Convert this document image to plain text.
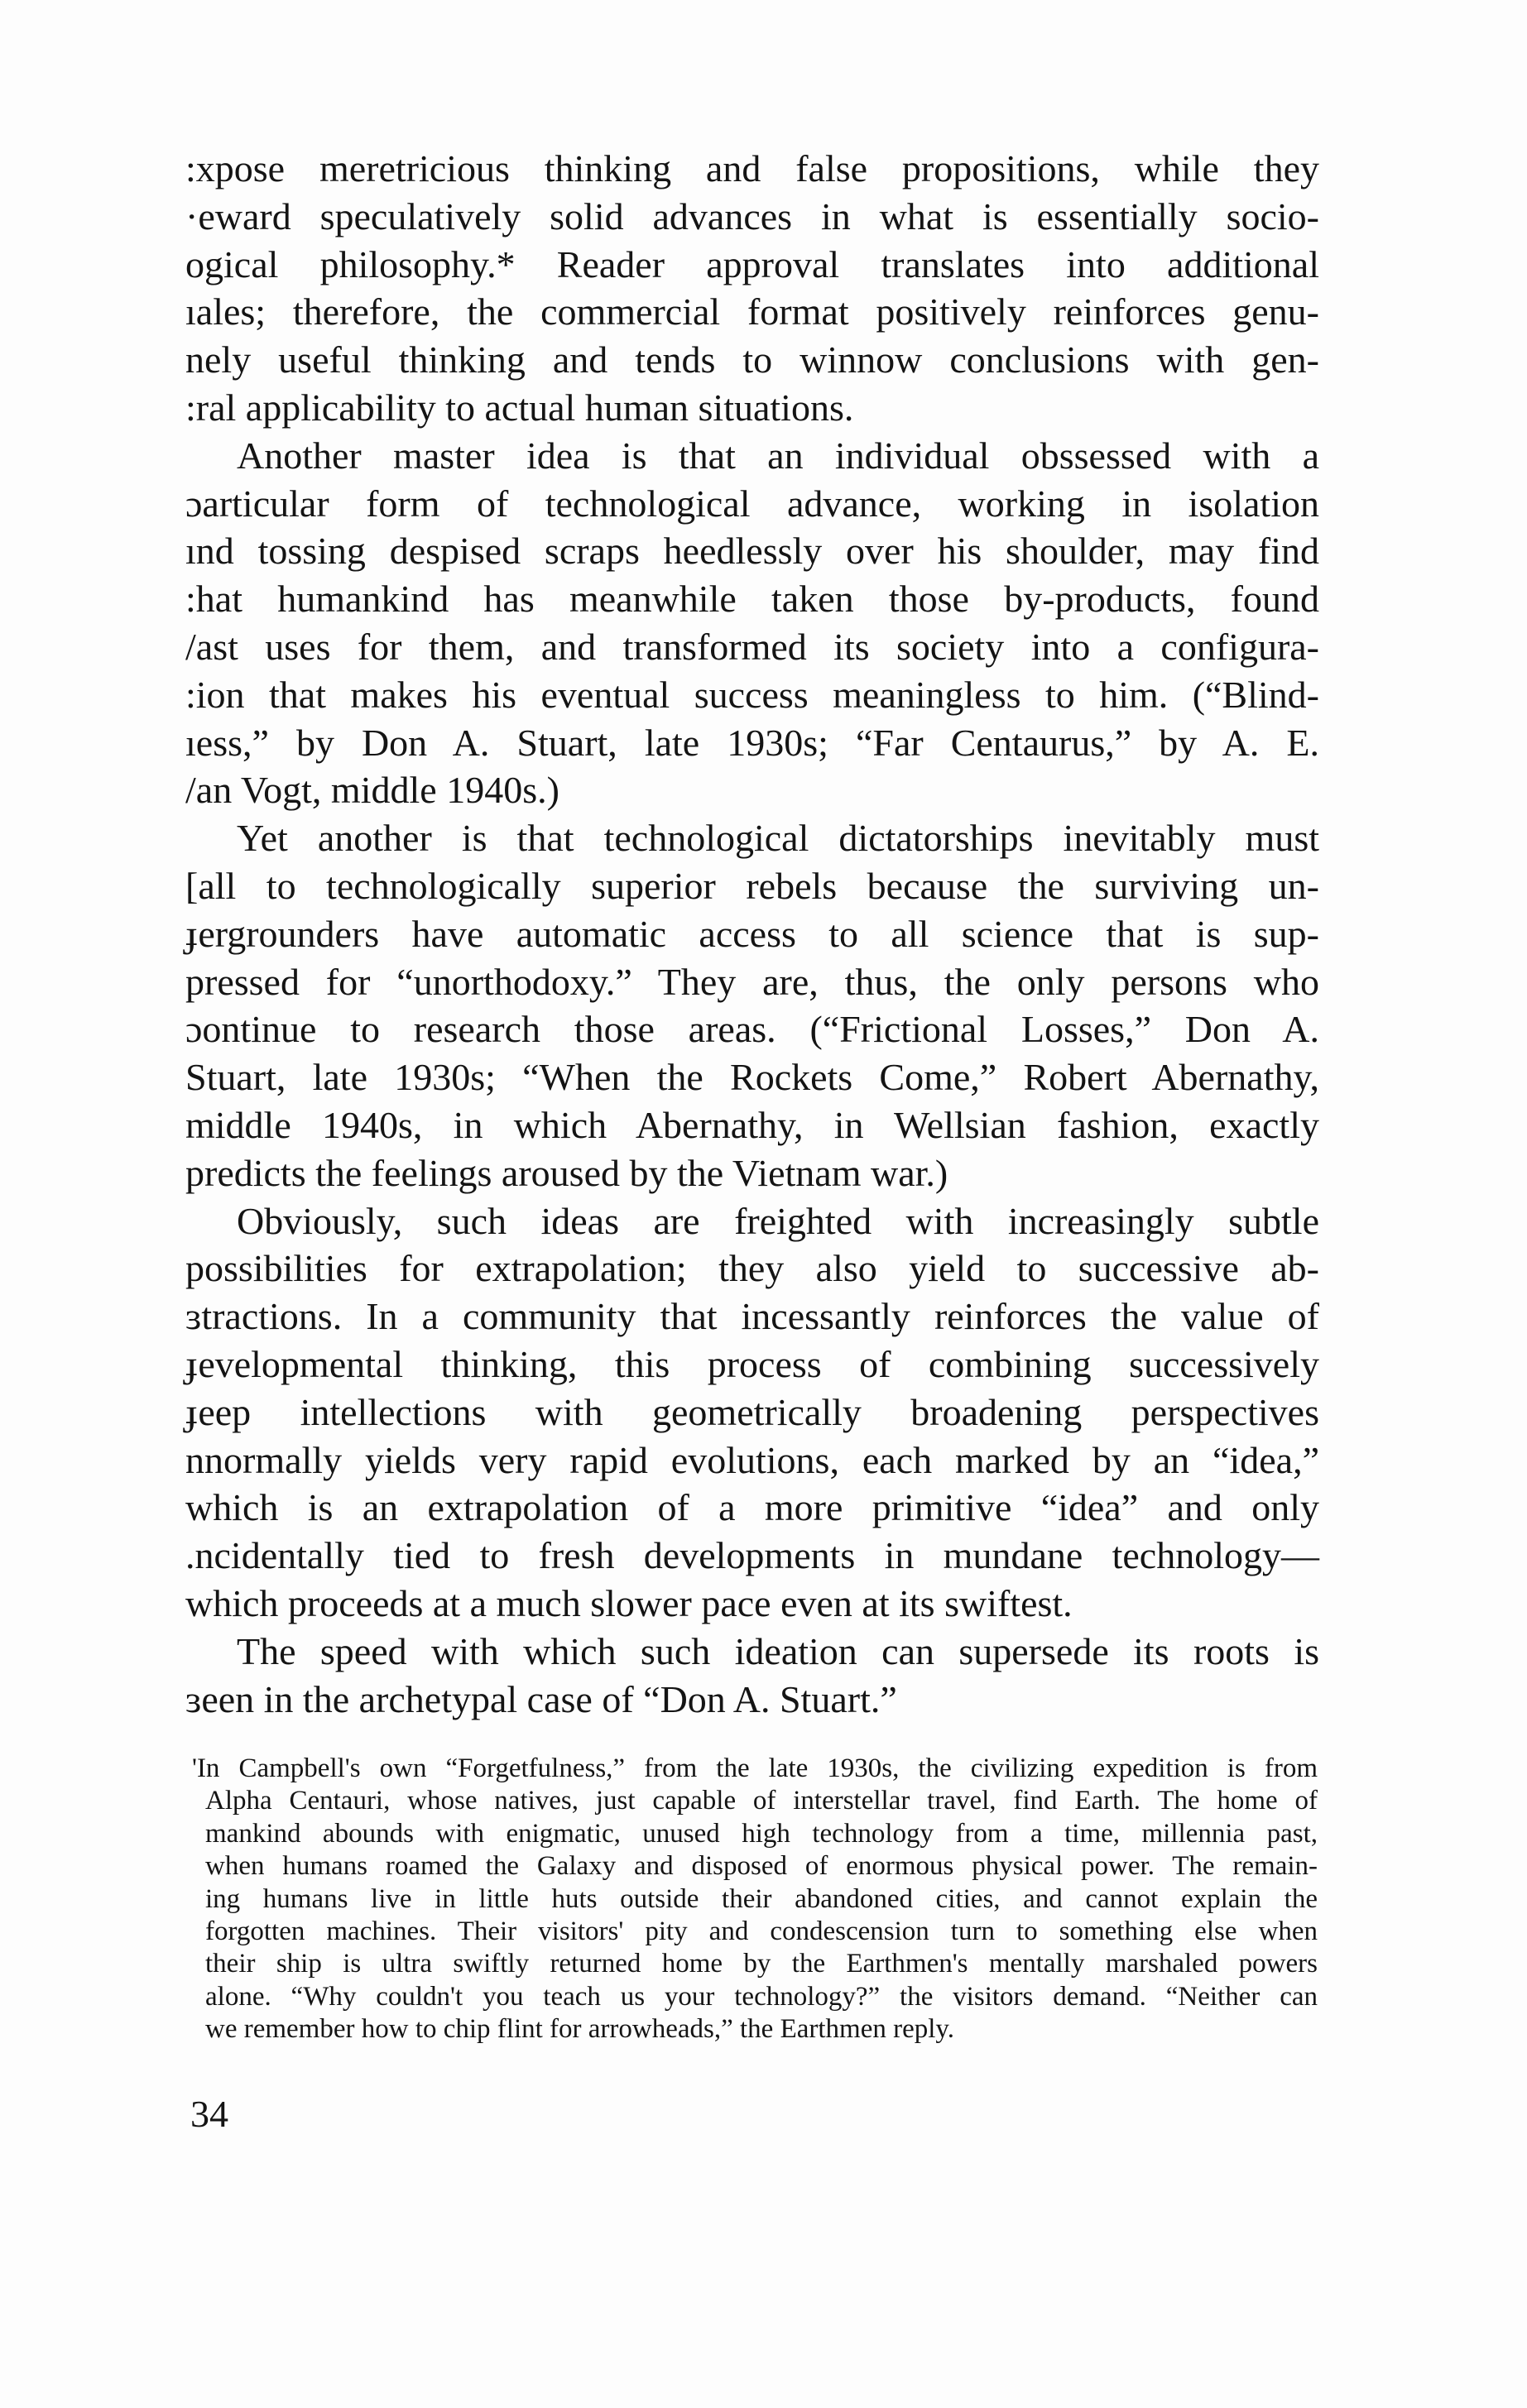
:xpose meretricious thinking and false propositions, while they
·eward speculatively solid advances in what is essentially socio-
ogical philosophy.* Reader approval translates into additional
ıales; therefore, the commercial format positively reinforces genu-
nely useful thinking and tends to winnow conclusions with gen-
:ral applicability to actual human situations.
Another master idea is that an individual obssessed with a
ɔarticular form of technological advance, working in isolation
ınd tossing despised scraps heedlessly over his shoulder, may find
:hat humankind has meanwhile taken those by-products, found
/ast uses for them, and transformed its society into a configura-
:ion that makes his eventual success meaningless to him. (“Blind-
ıess,” by Don A. Stuart, late 1930s; “Far Centaurus,” by A. E.
/an Vogt, middle 1940s.)
Yet another is that technological dictatorships inevitably must
[all to technologically superior rebels because the surviving un-
ɟergrounders have automatic access to all science that is sup-
pressed for “unorthodoxy.” They are, thus, the only persons who
ɔontinue to research those areas. (“Frictional Losses,” Don A.
Stuart, late 1930s; “When the Rockets Come,” Robert Abernathy,
middle 1940s, in which Abernathy, in Wellsian fashion, exactly
predicts the feelings aroused by the Vietnam war.)
Obviously, such ideas are freighted with increasingly subtle
possibilities for extrapolation; they also yield to successive ab-
ɜtractions. In a community that incessantly reinforces the value of
ɟevelopmental thinking, this process of combining successively
ɟeep intellections with geometrically broadening perspectives
nnormally yields very rapid evolutions, each marked by an “idea,”
which is an extrapolation of a more primitive “idea” and only
.ncidentally tied to fresh developments in mundane technology—
which proceeds at a much slower pace even at its swiftest.
The speed with which such ideation can supersede its roots is
ɜeen in the archetypal case of “Don A. Stuart.”
'In Campbell's own “Forgetfulness,” from the late 1930s, the civilizing expedition is from
Alpha Centauri, whose natives, just capable of interstellar travel, find Earth. The home of
mankind abounds with enigmatic, unused high technology from a time, millennia past,
when humans roamed the Galaxy and disposed of enormous physical power. The remain-
ing humans live in little huts outside their abandoned cities, and cannot explain the
forgotten machines. Their visitors' pity and condescension turn to something else when
their ship is ultra swiftly returned home by the Earthmen's mentally marshaled powers
alone. “Why couldn't you teach us your technology?” the visitors demand. “Neither can
we remember how to chip flint for arrowheads,” the Earthmen reply.
34
